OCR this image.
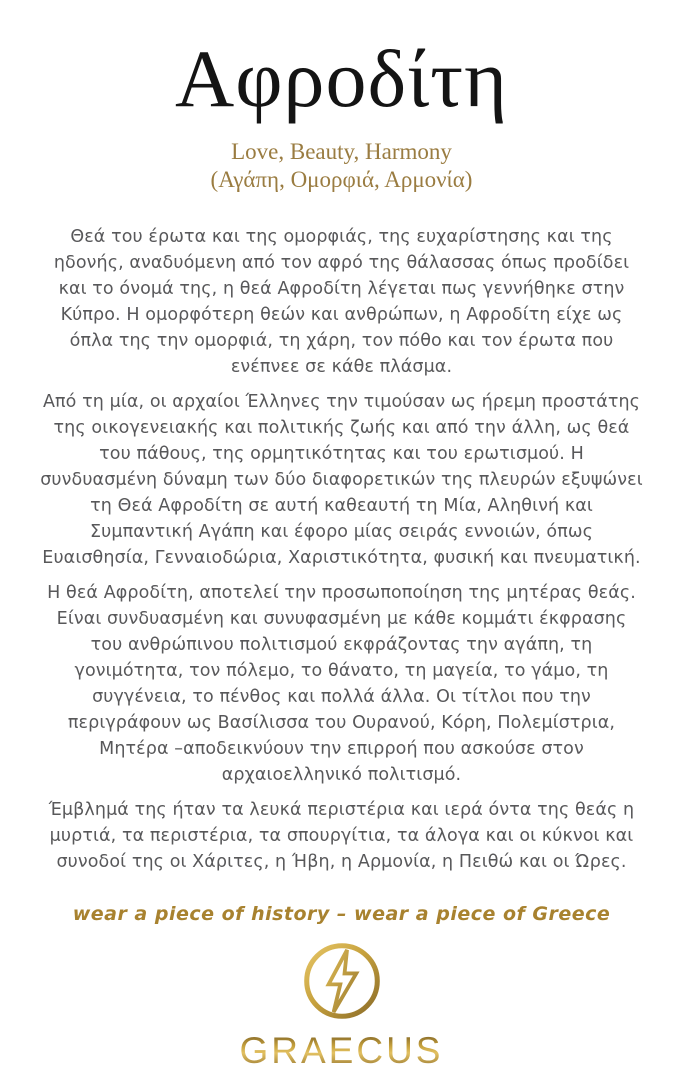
Αφροδίτη
Love, Beauty, Harmony
(Αγάπη, Ομορφιά, Αρμονία)

Θεά του έρωτα και της ομορφιάς, της ευχαρίστησης και της ηδονής, αναδυόμενη από τον αφρό της θάλασσας όπως προδίδει και το όνομά της, η θεά Αφροδίτη λέγεται πως γεννήθηκε στην Κύπρο. Η ομορφότερη θεών και ανθρώπων, η Αφροδίτη είχε ως όπλα της την ομορφιά, τη χάρη, τον πόθο και τον έρωτα που ενέπνεε σε κάθε πλάσμα.

Από τη μία, οι αρχαίοι Έλληνες την τιμούσαν ως ήρεμη προστάτης της οικογενειακής και πολιτικής ζωής και από την άλλη, ως θεά του πάθους, της ορμητικότητας και του ερωτισμού. Η συνδυασμένη δύναμη των δύο διαφορετικών της πλευρών εξυψώνει τη Θεά Αφροδίτη σε αυτή καθεαυτή τη Μία, Αληθινή και Συμπαντική Αγάπη και έφορο μίας σειράς εννοιών, όπως Ευαισθησία, Γενναιοδώρια, Χαριστικότητα, φυσική και πνευματική.

Η θεά Αφροδίτη, αποτελεί την προσωποποίηση της μητέρας θεάς. Είναι συνδυασμένη και συνυφασμένη με κάθε κομμάτι έκφρασης του ανθρώπινου πολιτισμού εκφράζοντας την αγάπη, τη γονιμότητα, τον πόλεμο, το θάνατο, τη μαγεία, το γάμο, τη συγγένεια, το πένθος και πολλά άλλα. Οι τίτλοι που την περιγράφουν ως Βασίλισσα του Ουρανού, Κόρη, Πολεμίστρια, Μητέρα –αποδεικνύουν την επιρροή που ασκούσε στον αρχαιοελληνικό πολιτισμό.

Έμβλημά της ήταν τα λευκά περιστέρια και ιερά όντα της θεάς η μυρτιά, τα περιστέρια, τα σπουργίτια, τα άλογα και οι κύκνοι και συνοδοί της οι Χάριτες, η Ήβη, η Αρμονία, η Πειθώ και οι Ώρες.

wear a piece of history – wear a piece of Greece
GRAECUS
